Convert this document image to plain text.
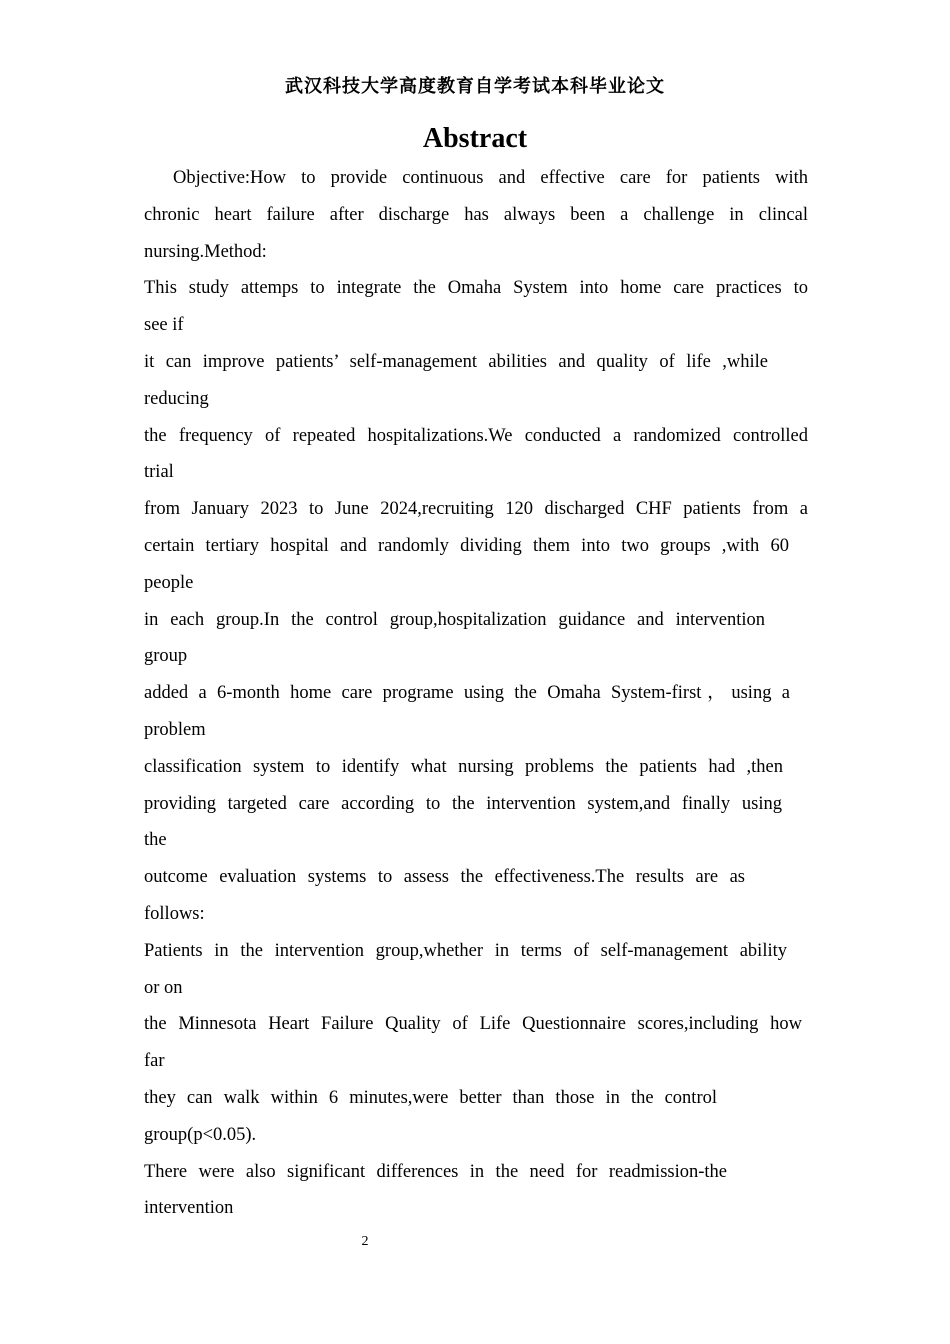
武汉科技大学高度教育自学考试本科毕业论文
Abstract
Objective:How to provide continuous and effective care for patients with
chronic heart failure after discharge has always been a challenge in clincal
nursing.Method:
This study attemps to integrate the Omaha System into home care practices to
see if
it can improve patients’ self-management abilities and quality of life ,while
reducing
the frequency of repeated hospitalizations.We conducted a randomized controlled
trial
from January 2023 to June 2024,recruiting 120 discharged CHF patients from a
certain tertiary hospital and randomly dividing them into two groups ,with 60
people
in each group.In the control group,hospitalization guidance and intervention
group
added a 6-month home care programe using the Omaha System-first，using a
problem
classification system to identify what nursing problems the patients had ,then
providing targeted care according to the intervention system,and finally using
the
outcome evaluation systems to assess the effectiveness.The results are as
follows:
Patients in the intervention group,whether in terms of self-management ability
or on
the Minnesota Heart Failure Quality of Life Questionnaire scores,including how
far
they can walk within 6 minutes,were better than those in the control
group(p<0.05).
There were also significant differences in the need for readmission-the
intervention
2
